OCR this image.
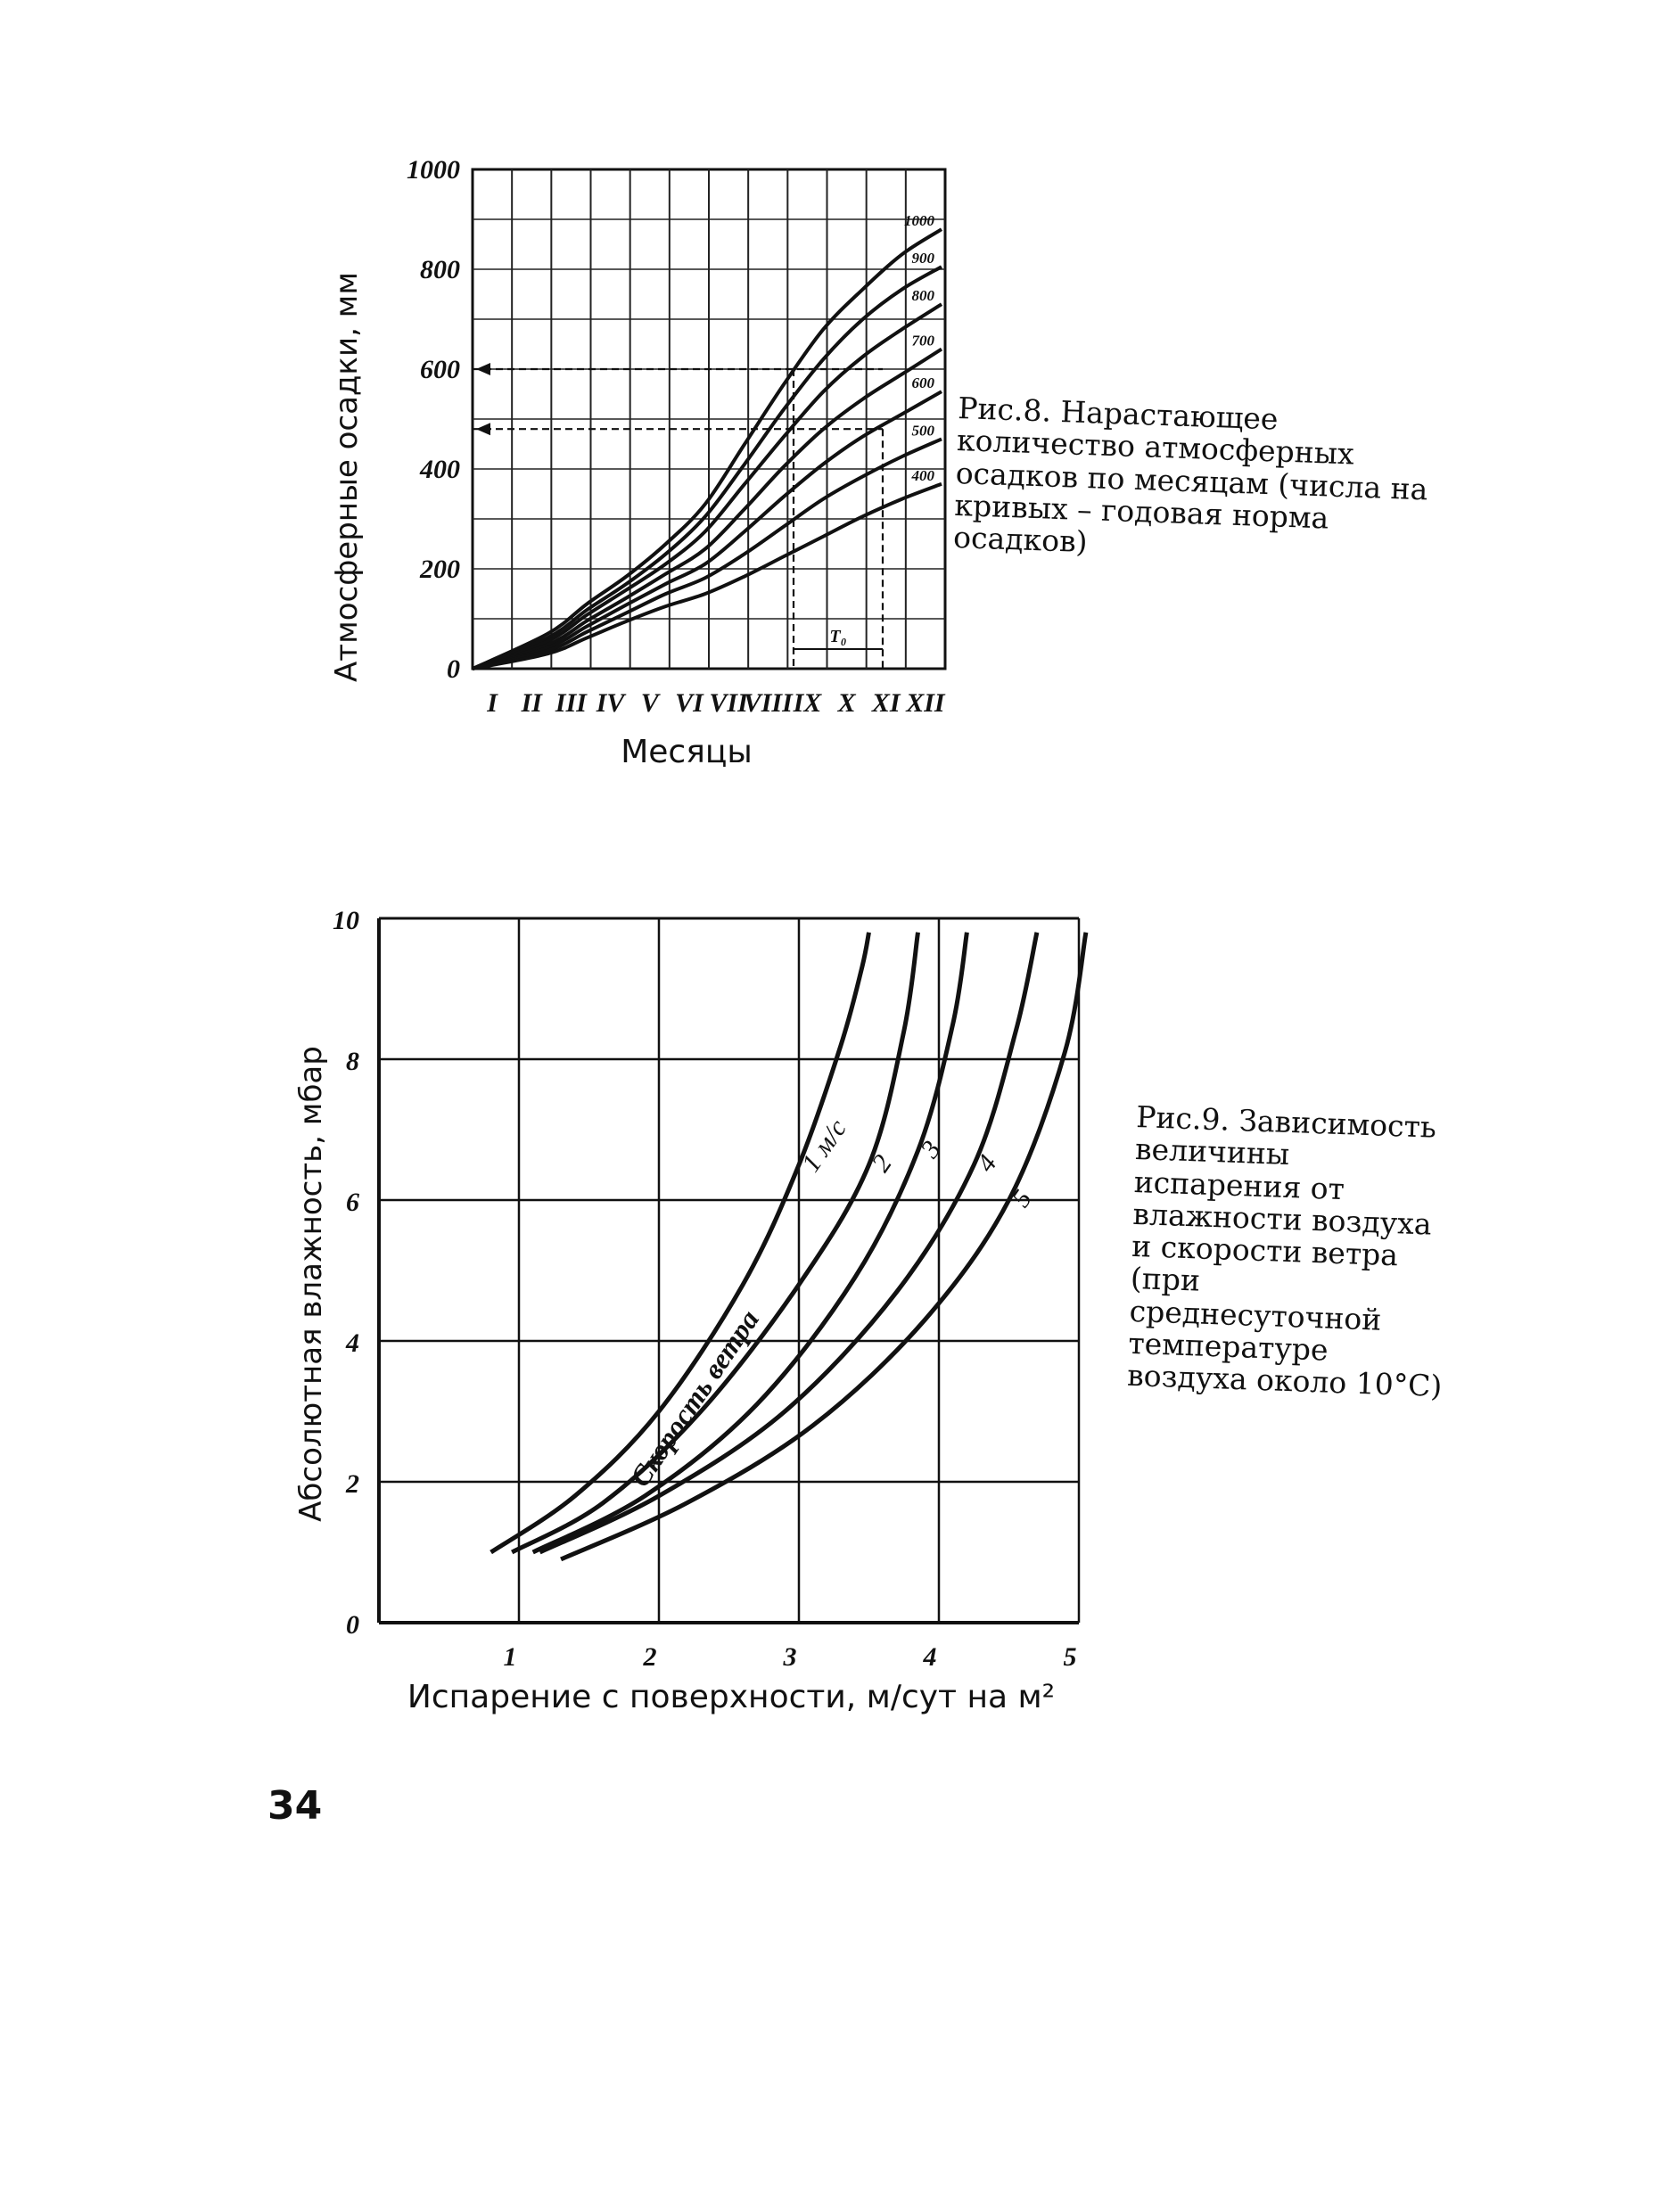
1000
900
800
700
600
500
400
0
200
400
600
800
1000
I II III IV V VI VII
VIII IX X XI XII
Т₀
Атмосферные осадки, мм
Месяцы
Рис.8. Нарастающее количество атмосферных осадков по месяцам (числа на кривых – годовая норма осадков)
0
2
4
6
8
10
1	2	3	4	5
1 м/с 2
3
4
5
Скорость ветра
Абсолютная влажность, мбар
Испарение с поверхности, м/сут на м²
Рис.9. Зависимость величины испарения от влажности воздуха и скорости ветра (при среднесуточной температуре воздуха около 10°С)
34
